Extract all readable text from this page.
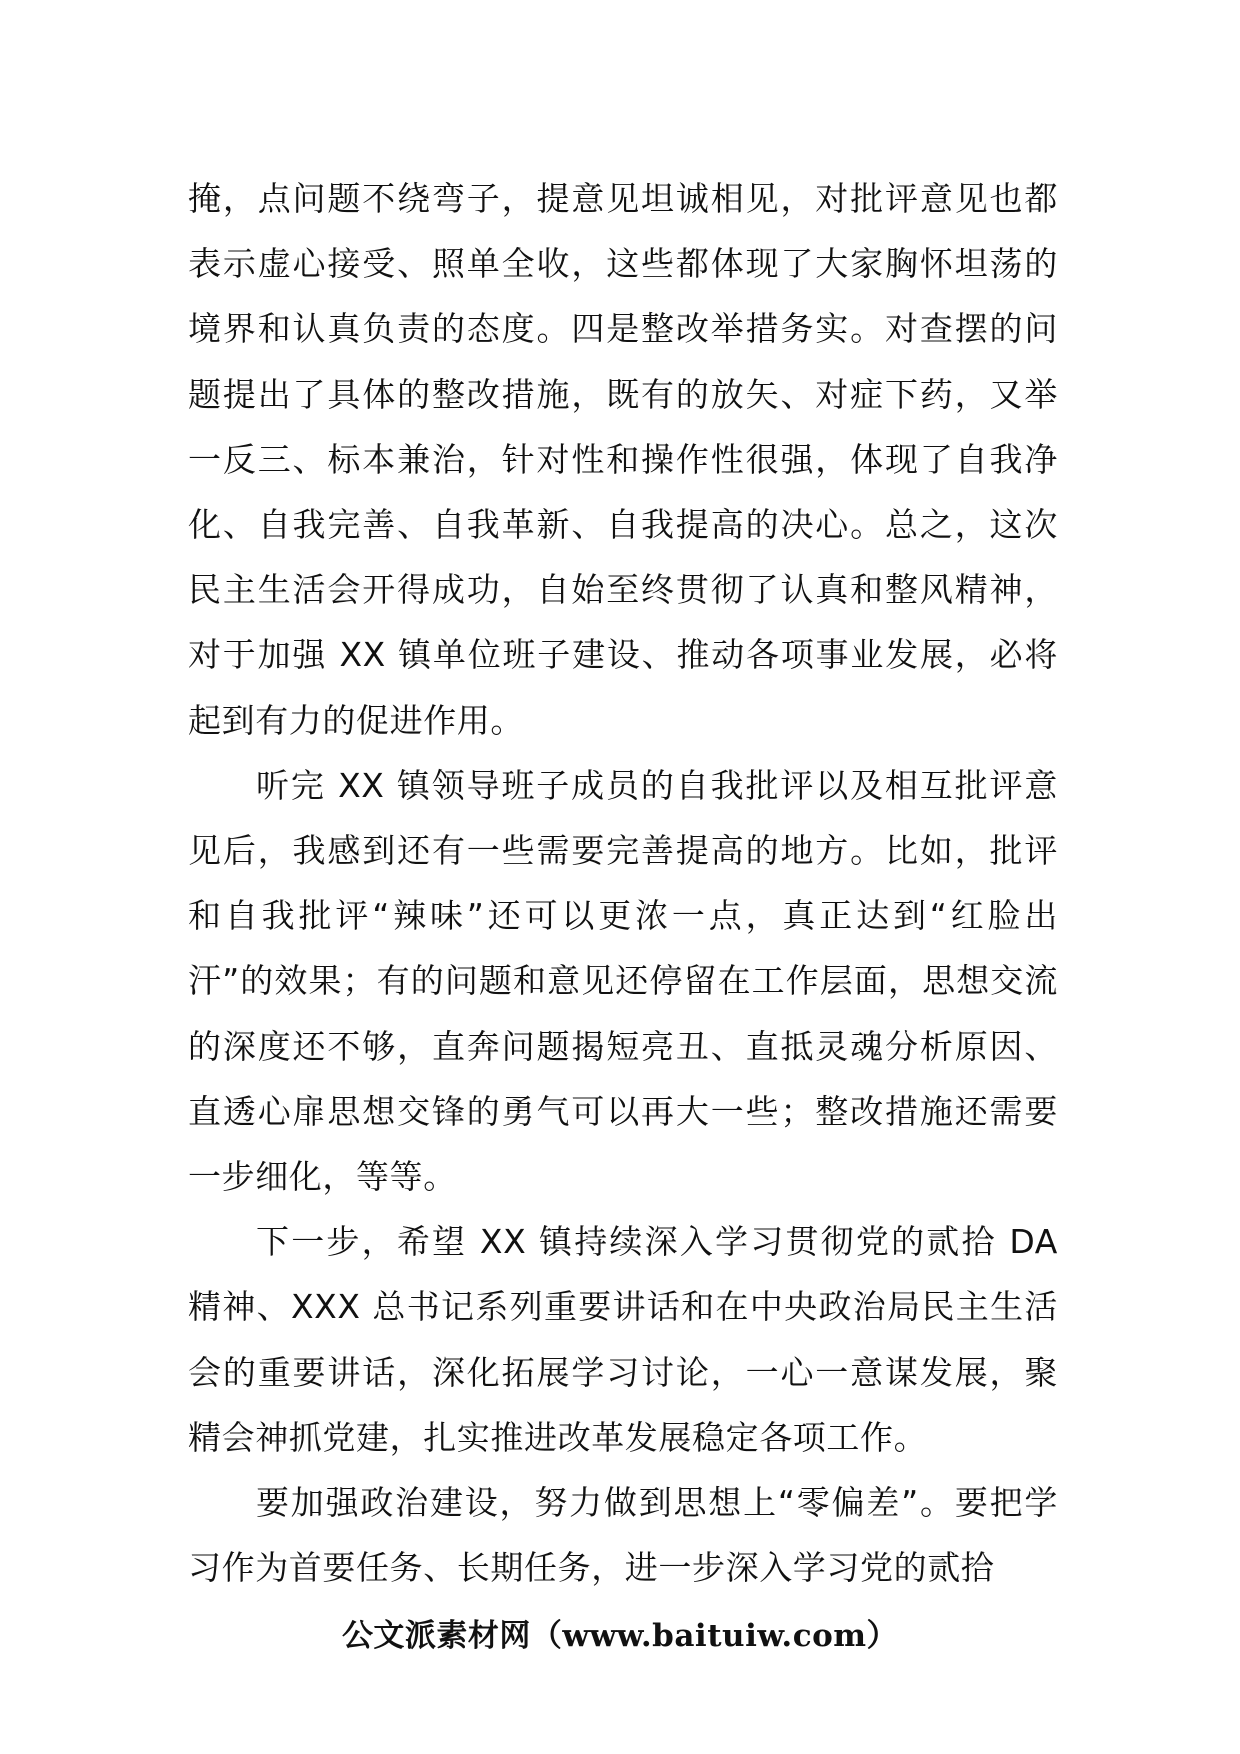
掩，点问题不绕弯子，提意见坦诚相见，对批评意见也都表示虚心接受、照单全收，这些都体现了大家胸怀坦荡的境界和认真负责的态度。四是整改举措务实。对查摆的问题提出了具体的整改措施，既有的放矢、对症下药，又举一反三、标本兼治，针对性和操作性很强，体现了自我净化、自我完善、自我革新、自我提高的决心。总之，这次民主生活会开得成功，自始至终贯彻了认真和整风精神，对于加强 XX 镇单位班子建设、推动各项事业发展，必将起到有力的促进作用。

听完 XX 镇领导班子成员的自我批评以及相互批评意见后，我感到还有一些需要完善提高的地方。比如，批评和自我批评“辣味”还可以更浓一点，真正达到“红脸出汗”的效果；有的问题和意见还停留在工作层面，思想交流的深度还不够，直奔问题揭短亮丑、直抵灵魂分析原因、直透心扉思想交锋的勇气可以再大一些；整改措施还需要一步细化，等等。

下一步，希望 XX 镇持续深入学习贯彻党的贰拾 DA 精神、XXX 总书记系列重要讲话和在中央政治局民主生活会的重要讲话，深化拓展学习讨论，一心一意谋发展，聚精会神抓党建，扎实推进改革发展稳定各项工作。

要加强政治建设，努力做到思想上“零偏差”。要把学习作为首要任务、长期任务，进一步深入学习党的贰拾

公文派素材网（www.baituiw.com）
